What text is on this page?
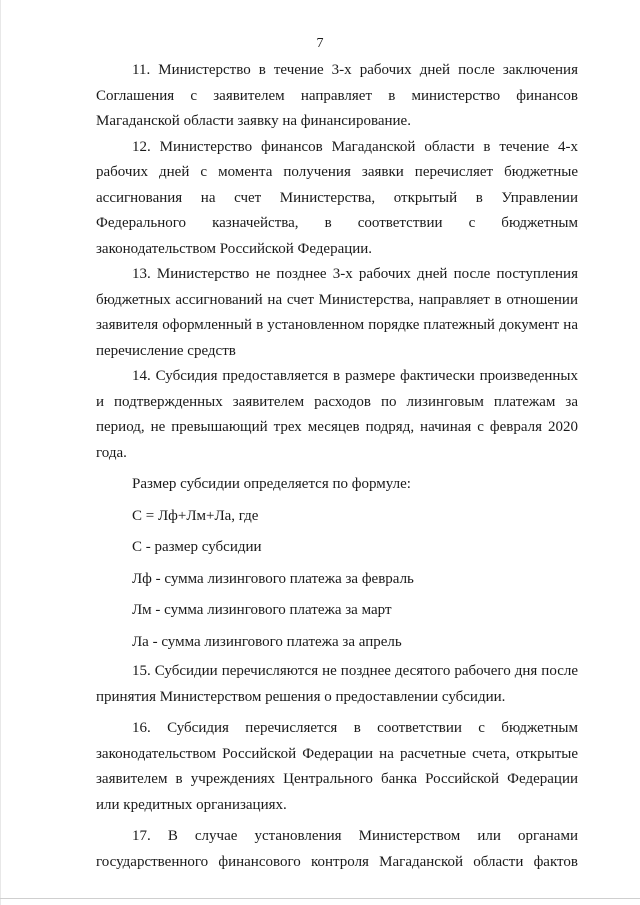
7

11. Министерство в течение 3-х рабочих дней после заключения Соглашения с заявителем направляет в министерство финансов Магаданской области заявку на финансирование.

12. Министерство финансов Магаданской области в течение 4-х рабочих дней с момента получения заявки перечисляет бюджетные ассигнования на счет Министерства, открытый в Управлении Федерального казначейства, в соответствии с бюджетным законодательством Российской Федерации.

13. Министерство не позднее 3-х рабочих дней после поступления бюджетных ассигнований на счет Министерства, направляет в отношении заявителя оформленный в установленном порядке платежный документ на перечисление средств

14. Субсидия предоставляется в размере фактически произведенных и подтвержденных заявителем расходов по лизинговым платежам за период, не превышающий трех месяцев подряд, начиная с февраля 2020 года.

Размер субсидии определяется по формуле:

С = Лф+Лм+Ла, где

С - размер субсидии

Лф - сумма лизингового платежа за февраль

Лм - сумма лизингового платежа за март

Ла - сумма лизингового платежа за апрель

15. Субсидии перечисляются не позднее десятого рабочего дня после принятия Министерством решения о предоставлении субсидии.

16. Субсидия перечисляется в соответствии с бюджетным законодательством Российской Федерации на расчетные счета, открытые заявителем в учреждениях Центрального банка Российской Федерации или кредитных организациях.

17. В случае установления Министерством или органами государственного финансового контроля Магаданской области фактов
